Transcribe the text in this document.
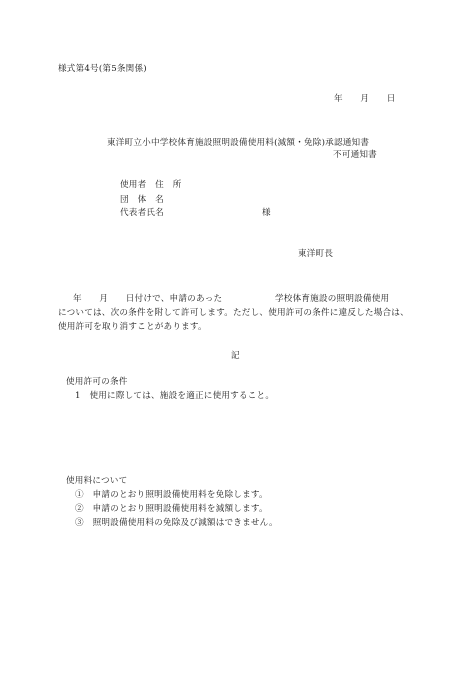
様式第4号(第5条関係)
年　　月　　日
東洋町立小中学校体育施設照明設備使用料(減額・免除)承認通知書
不可通知書
使用者　住　所
団　体　名
代表者氏名	様
東洋町長
年　　月　　日付けで、申請のあった　　　　　　学校体育施設の照明設備使用
については、次の条件を附して許可します。ただし、使用許可の条件に違反した場合は、
使用許可を取り消すことがあります。
記
使用許可の条件
1　使用に際しては、施設を適正に使用すること。
使用料について
①　申請のとおり照明設備使用料を免除します。
②　申請のとおり照明設備使用料を減額します。
③　照明設備使用料の免除及び減額はできません。
